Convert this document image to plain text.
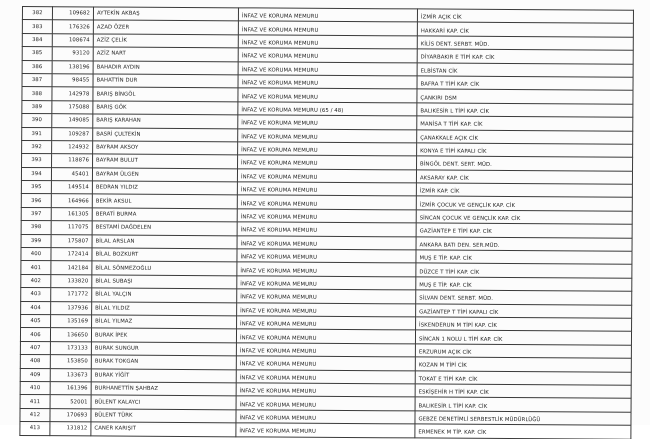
382	109682	AYTEKİN AKBAŞ	İNFAZ VE KORUMA MEMURU	İZMİR AÇIK CİK
383	176326	AZAD ÖZER	İNFAZ VE KORUMA MEMURU	HAKKARİ KAP. CİK
384	108674	AZİZ ÇELİK	İNFAZ VE KORUMA MEMURU	KİLİS DENT. SERBT. MÜD.
385	93120	AZİZ NART	İNFAZ VE KORUMA MEMURU	DİYARBAKIR E TİPİ KAP. CİK
386	138196	BAHADIR AYDIN	İNFAZ VE KORUMA MEMURU	ELBİSTAN CİK
387	98455	BAHATTİN DUR	İNFAZ VE KORUMA MEMURU	BAFRA T TİPİ KAP. CİK
388	142978	BARIŞ BİNGÖL	İNFAZ VE KORUMA MEMURU	ÇANKIRI DSM
389	175088	BARIŞ GÖK	İNFAZ VE KORUMA MEMURU (65 / 48)	BALIKESİR L TİPİ KAP. CİK
390	149085	BARIŞ KARAHAN	İNFAZ VE KORUMA MEMURU	MANİSA T TİPİ KAP. CİK
391	109287	BASRİ ÇULTEKİN	İNFAZ VE KORUMA MEMURU	ÇANAKKALE AÇIK CİK
392	124932	BAYRAM AKSOY	İNFAZ VE KORUMA MEMURU	KONYA E TİPİ KAPALI CİK
393	118876	BAYRAM BULUT	İNFAZ VE KORUMA MEMURU	BİNGÖL DENT. SERT. MÜD.
394	45401	BAYRAM ÜLGEN	İNFAZ VE KORUMA MEMURU	AKSARAY KAP. CİK
395	149514	BEDRAN YILDIZ	İNFAZ VE KORUMA MEMURU	İZMİR KAP. CİK
396	164966	BEKİR AKSUL	İNFAZ VE KORUMA MEMURU	İZMİR ÇOCUK VE GENÇLİK KAP. CİK
397	161305	BERATİ BURMA	İNFAZ VE KORUMA MEMURU	SİNCAN ÇOCUK VE GENÇLİK KAP. CİK
398	117075	BESTAMİ DAĞDELEN	İNFAZ VE KORUMA MEMURU	GAZİANTEP E TİPİ KAP. CİK
399	175807	BİLAL ARSLAN	İNFAZ VE KORUMA MEMURU	ANKARA BATI DEN. SER.MÜD.
400	172414	BİLAL BOZKURT	İNFAZ VE KORUMA MEMURU	MUŞ E TİP. KAP. CİK
401	142184	BİLAL SÖNMEZOĞLU	İNFAZ VE KORUMA MEMURU	DÜZCE T TİPİ KAP. CİK
402	133820	BİLAL SUBAŞI	İNFAZ VE KORUMA MEMURU	MUŞ E TİP. KAP. CİK
403	171772	BİLAL YALÇIN	İNFAZ VE KORUMA MEMURU	SİLVAN DENT. SERBT. MÜD.
404	137936	BİLAL YILDIZ	İNFAZ VE KORUMA MEMURU	GAZİANTEP T TİPİ KAPALI CİK
405	135169	BİLAL YILMAZ	İNFAZ VE KORUMA MEMURU	İSKENDERUN M TİPİ KAP. CİK
406	136650	BURAK İPEK	İNFAZ VE KORUMA MEMURU	SİNCAN 1 NOLU L TİPİ KAP. CİK
407	173133	BURAK SUNGUR	İNFAZ VE KORUMA MEMURU	ERZURUM AÇIK CİK
408	153850	BURAK TOKGAN	İNFAZ VE KORUMA MEMURU	KOZAN M TİPİ CİK
409	133673	BURAK YİĞİT	İNFAZ VE KORUMA MEMURU	TOKAT E TİPİ KAP. CİK
410	161396	BURHANETTİN ŞAHBAZ	İNFAZ VE KORUMA MEMURU	ESKİŞEHİR H TİPİ KAP. CİK
411	52001	BÜLENT KALAYCI	İNFAZ VE KORUMA MEMURU	BALIKESİR L TİPİ KAP. CİK
412	170693	BÜLENT TÜRK	İNFAZ VE KORUMA MEMURU	GEBZE DENETİMLİ SERBESTLİK MÜDÜRLÜĞÜ
413	131812	CANER KARIŞIT	İNFAZ VE KORUMA MEMURU	ERMENEK M TİP. KAP. CİK
